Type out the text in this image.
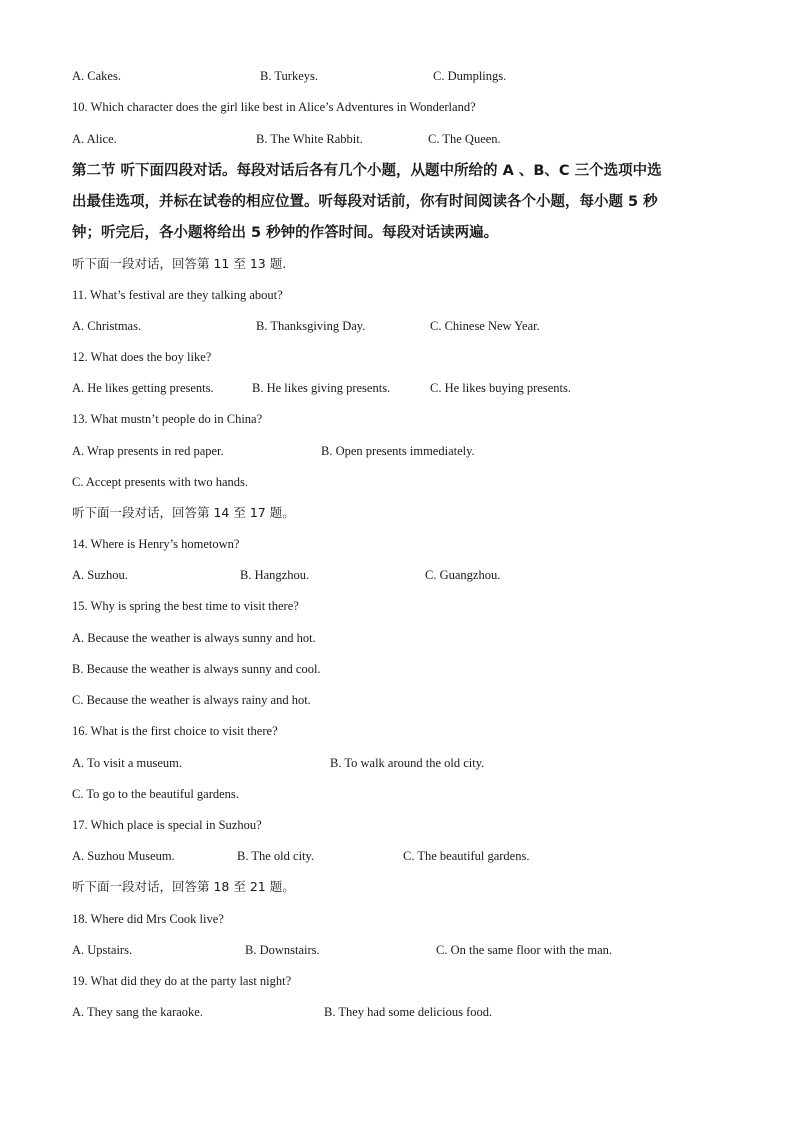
A. Cakes.	B. Turkeys.	C. Dumplings.
10. Which character does the girl like best in Alice’s Adventures in Wonderland?
A. Alice.	B. The White Rabbit.	C. The Queen.
第二节 听下面四段对话。每段对话后各有几个小题，从题中所给的 A 、B、C 三个选项中选
出最佳选项，并标在试卷的相应位置。听每段对话前，你有时间阅读各个小题，每小题 5 秒
钟；听完后，各小题将给出 5 秒钟的作答时间。每段对话读两遍。
听下面一段对话，回答第 11 至 13 题.
11. What’s festival are they talking about?
A. Christmas.	B. Thanksgiving Day.	C. Chinese New Year.
12. What does the boy like?
A. He likes getting presents.	B. He likes giving presents.	C. He likes buying presents.
13. What mustn’t people do in China?
A. Wrap presents in red paper.	B. Open presents immediately.
C. Accept presents with two hands.
听下面一段对话，回答第 14 至 17 题。
14. Where is Henry’s hometown?
A. Suzhou.	B. Hangzhou.	C. Guangzhou.
15. Why is spring the best time to visit there?
A. Because the weather is always sunny and hot.
B. Because the weather is always sunny and cool.
C. Because the weather is always rainy and hot.
16. What is the first choice to visit there?
A. To visit a museum.	B. To walk around the old city.
C. To go to the beautiful gardens.
17. Which place is special in Suzhou?
A. Suzhou Museum.	B. The old city.	C. The beautiful gardens.
听下面一段对话，回答第 18 至 21 题。
18. Where did Mrs Cook live?
A. Upstairs.	B. Downstairs.	C. On the same floor with the man.
19. What did they do at the party last night?
A. They sang the karaoke.	B. They had some delicious food.
